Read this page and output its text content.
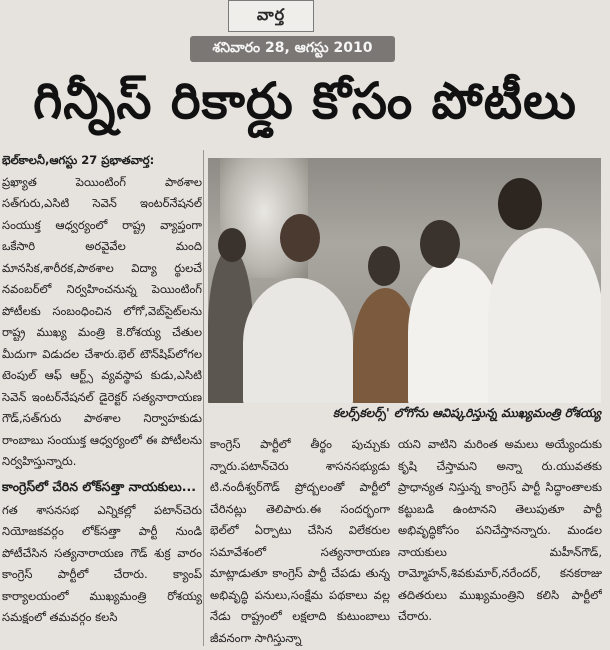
వార్త
శనివారం 28, ఆగస్టు 2010
గిన్నీస్ రికార్డు కోసం పోటీలు

భెల్‌కాలనీ,ఆగస్టు 27 ప్రభాతవార్త:

ప్రఖ్యాత పెయింటింగ్ పాఠశాల సత్‌గురు,ఎసిటి సెవెన్ ఇంటర్‌నేషనల్ సంయుక్త ఆధ్వర్యంలో రాష్ట్ర వ్యాప్తంగా ఒకేసారి అరవైవేల మంది మానసిక,శారీరక,పాఠశాల విద్యా ర్థులచే నవంబర్‌లో నిర్వహించనున్న పెయింటింగ్ పోటీలకు సంబంధించిన లోగో,వెబ్‌సైట్‌లను రాష్ట్ర ముఖ్య మంత్రి కె.రోశయ్య చేతుల మీదుగా విడుదల చేశారు.భెల్ టౌన్‌షిప్‌లోగల టెంపుల్ ఆఫ్ ఆర్ట్స్ వ్యవస్థాప కుడు,ఎసిటి సెవెన్ ఇంటర్‌నేషనల్ డైరెక్టర్ సత్యనారాయణ గౌడ్,సత్‌గురు పాఠశాల నిర్వాహకుడు రాంబాబు సంయుక్త ఆధ్వర్యంలో ఈ పోటీలను నిర్వహిస్తున్నారు.

కాంగ్రెస్‌లో చేరిన లోక్‌సత్తా నాయకులు...

గత శాసనసభ ఎన్నికల్లో పటాన్‌చెరు నియోజకవర్గం లోక్‌సత్తా పార్టీ నుండి పోటీచేసిన సత్యనారాయణ గౌడ్ శుక్ర వారం కాంగ్రెస్ పార్టీలో చేరారు. క్యాంప్ కార్యాలయంలో ముఖ్యమంత్రి రోశయ్య సమక్షంలో తమవర్గం కలసి

కలర్స్‌కలర్స్' లోగోను ఆవిష్కరిస్తున్న ముఖ్యమంత్రి రోశయ్య

కాంగ్రెస్ పార్టీలో తీర్థం పుచ్చుకు న్నారు.పటాన్‌చెరు శాసనసభ్యుడు టి.నందీశ్వర్‌గౌడ్ ప్రోద్బలంతో పార్టీలో చేరినట్లు తెలిపారు.ఈ సందర్భంగా భెల్‌లో ఏర్పాటు చేసిన విలేకరుల సమావేశంలో సత్యనారాయణ మాట్లాడుతూ కాంగ్రెస్ పార్టీ చేపడు తున్న అభివృద్ధి పనులు,సంక్షేమ పథకాలు వల్ల నేడు రాష్ట్రంలో లక్షలాది కుటుంబాలు జీవనంగా సాగిస్తున్నా

యని వాటిని మరింత అమలు అయ్యేందుకు కృషి చేస్తామని అన్నా రు.యువతకు ప్రాధాన్యత నిస్తున్న కాంగ్రెస్ పార్టీ సిద్ధాంతాలకు కట్టుబడి ఉంటానని తెలుపుతూ పార్టీ అభివృద్ధికోసం పనిచేస్తానన్నారు. మండల నాయకులు మహీన్‌గౌడ్, రామ్మోహన్,శివకుమార్,నరేందర్, కనకరాజు తదితరులు ముఖ్యమంత్రిని కలిసి పార్టీలో చేరారు.
